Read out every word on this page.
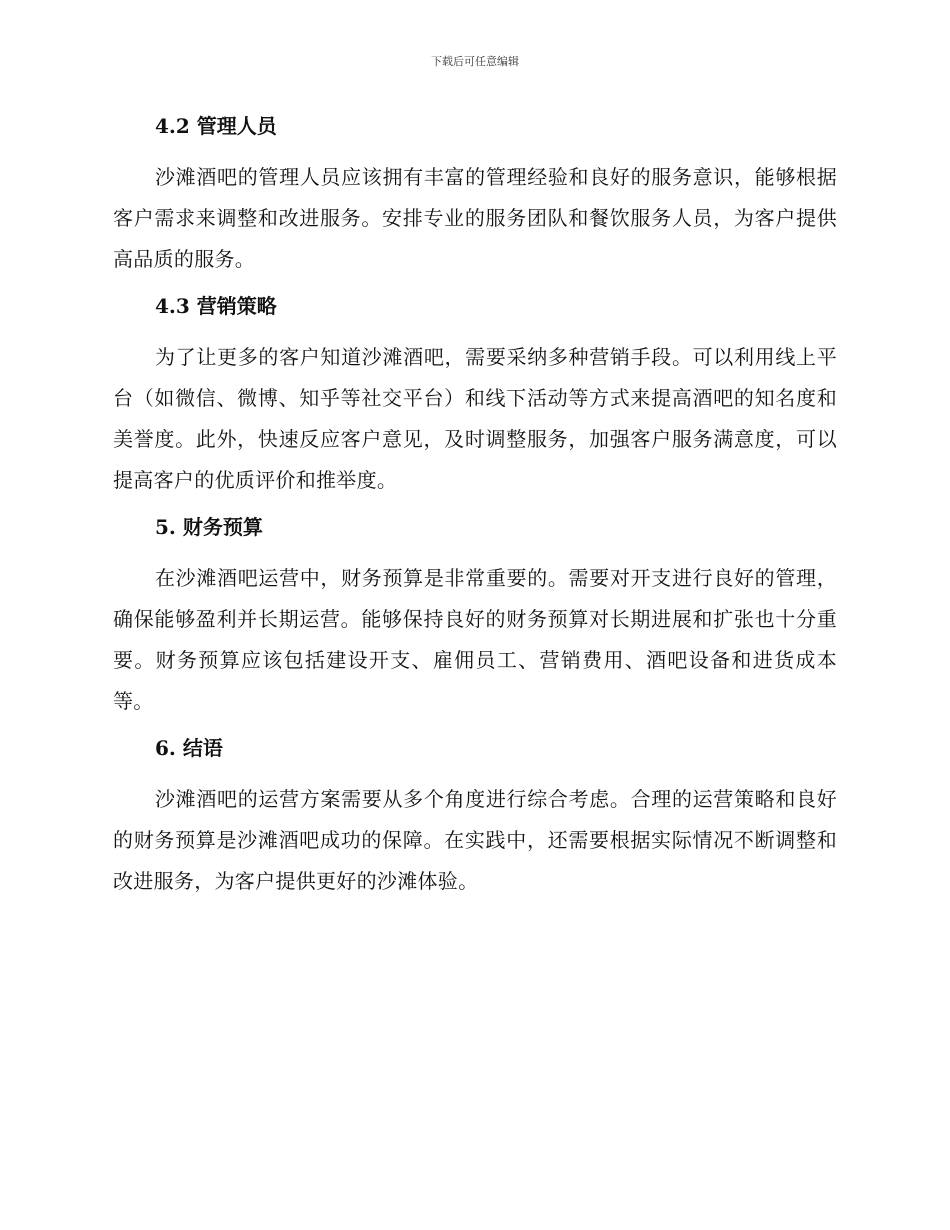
下载后可任意编辑
4.2 管理人员

沙滩酒吧的管理人员应该拥有丰富的管理经验和良好的服务意识，能够根据客户需求来调整和改进服务。安排专业的服务团队和餐饮服务人员，为客户提供高品质的服务。

4.3 营销策略

为了让更多的客户知道沙滩酒吧，需要采纳多种营销手段。可以利用线上平台（如微信、微博、知乎等社交平台）和线下活动等方式来提高酒吧的知名度和美誉度。此外，快速反应客户意见，及时调整服务，加强客户服务满意度，可以提高客户的优质评价和推举度。

5. 财务预算

在沙滩酒吧运营中，财务预算是非常重要的。需要对开支进行良好的管理，确保能够盈利并长期运营。能够保持良好的财务预算对长期进展和扩张也十分重要。财务预算应该包括建设开支、雇佣员工、营销费用、酒吧设备和进货成本等。

6. 结语

沙滩酒吧的运营方案需要从多个角度进行综合考虑。合理的运营策略和良好的财务预算是沙滩酒吧成功的保障。在实践中，还需要根据实际情况不断调整和改进服务，为客户提供更好的沙滩体验。
